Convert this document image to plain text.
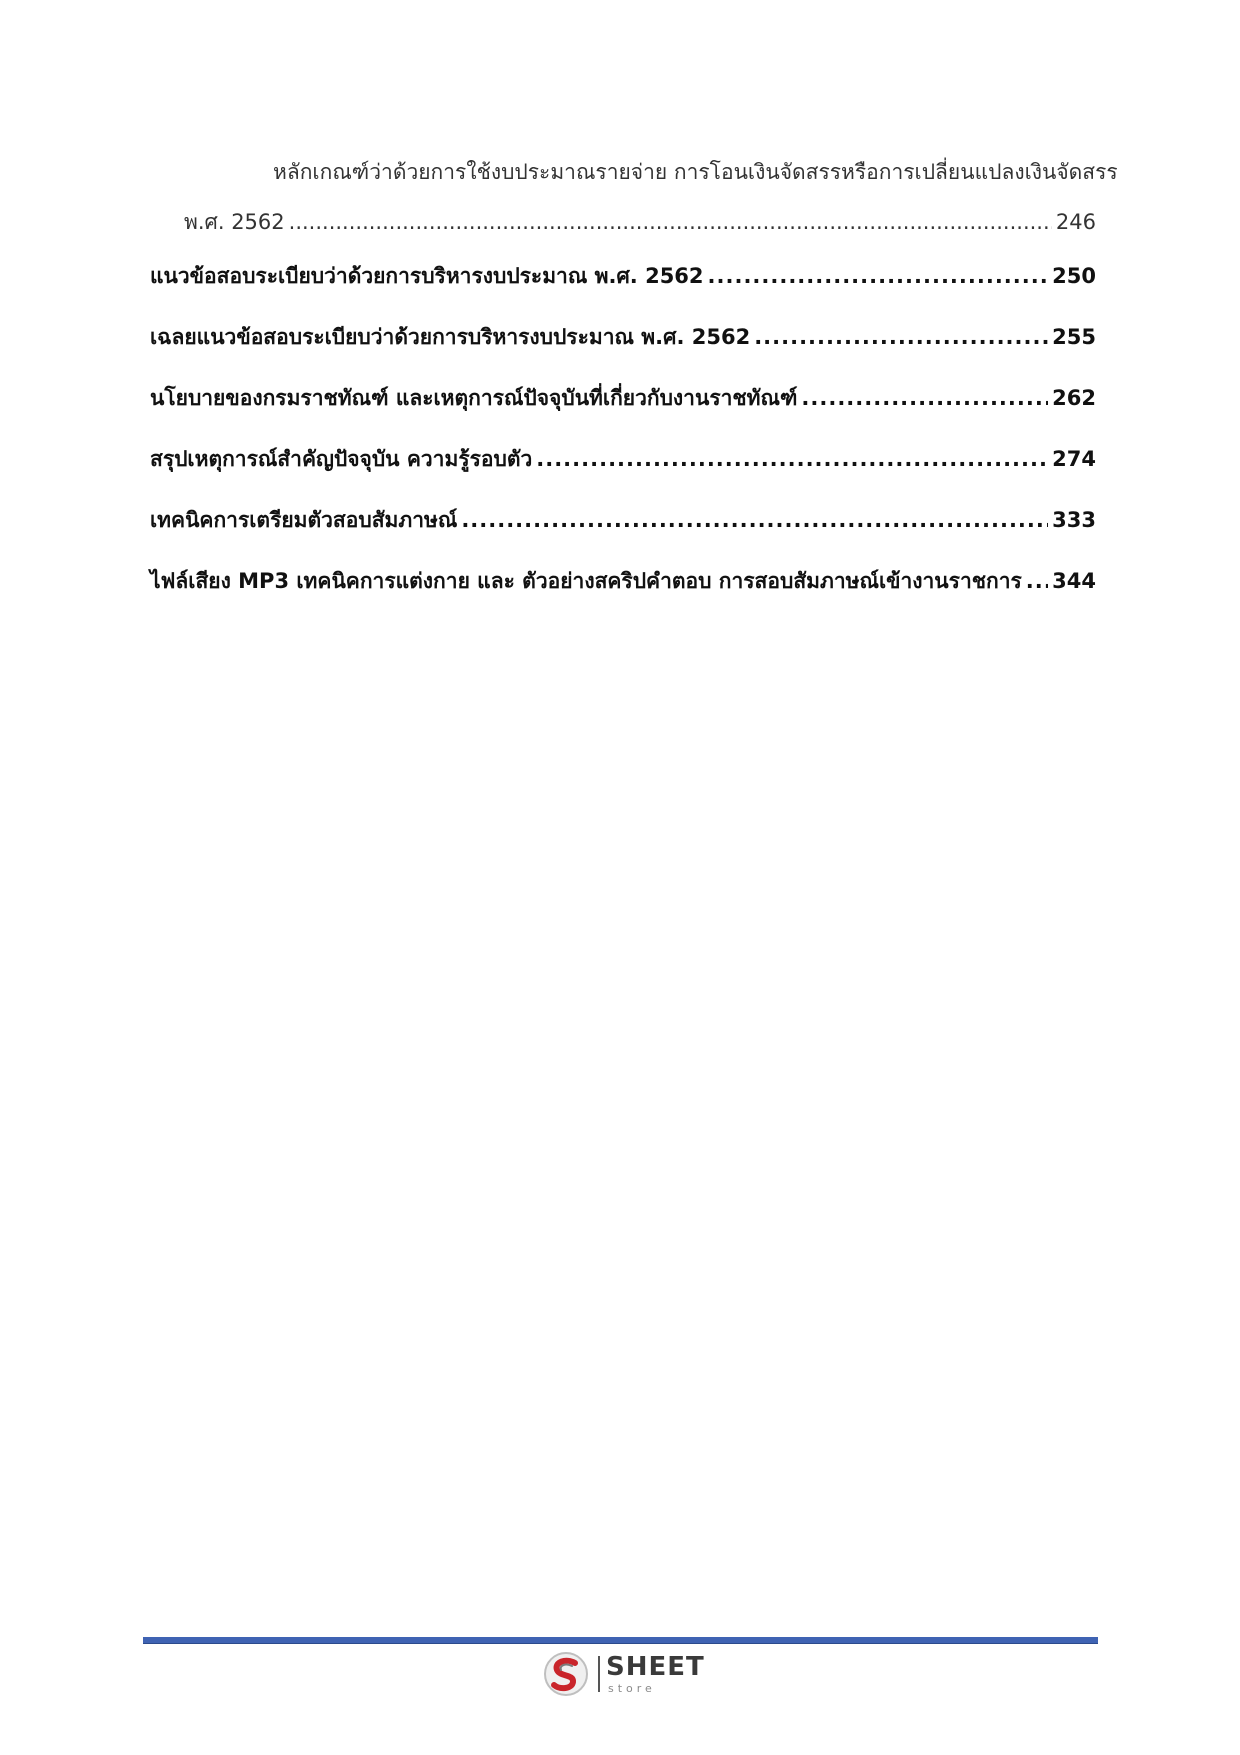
หลักเกณฑ์ว่าด้วยการใช้งบประมาณรายจ่าย การโอนเงินจัดสรรหรือการเปลี่ยนแปลงเงินจัดสรร
พ.ศ. 2562 .....	246
แนวข้อสอบระเบียบว่าด้วยการบริหารงบประมาณ พ.ศ. 2562 .....	250
เฉลยแนวข้อสอบระเบียบว่าด้วยการบริหารงบประมาณ พ.ศ. 2562 .....	255
นโยบายของกรมราชทัณฑ์ และเหตุการณ์ปัจจุบันที่เกี่ยวกับงานราชทัณฑ์ .....	262
สรุปเหตุการณ์สำคัญปัจจุบัน ความรู้รอบตัว .....	274
เทคนิคการเตรียมตัวสอบสัมภาษณ์ .....	333
ไฟล์เสียง MP3 เทคนิคการแต่งกาย และ ตัวอย่างสคริปคำตอบ การสอบสัมภาษณ์เข้างานราชการ ..... 344
SHEET
store
